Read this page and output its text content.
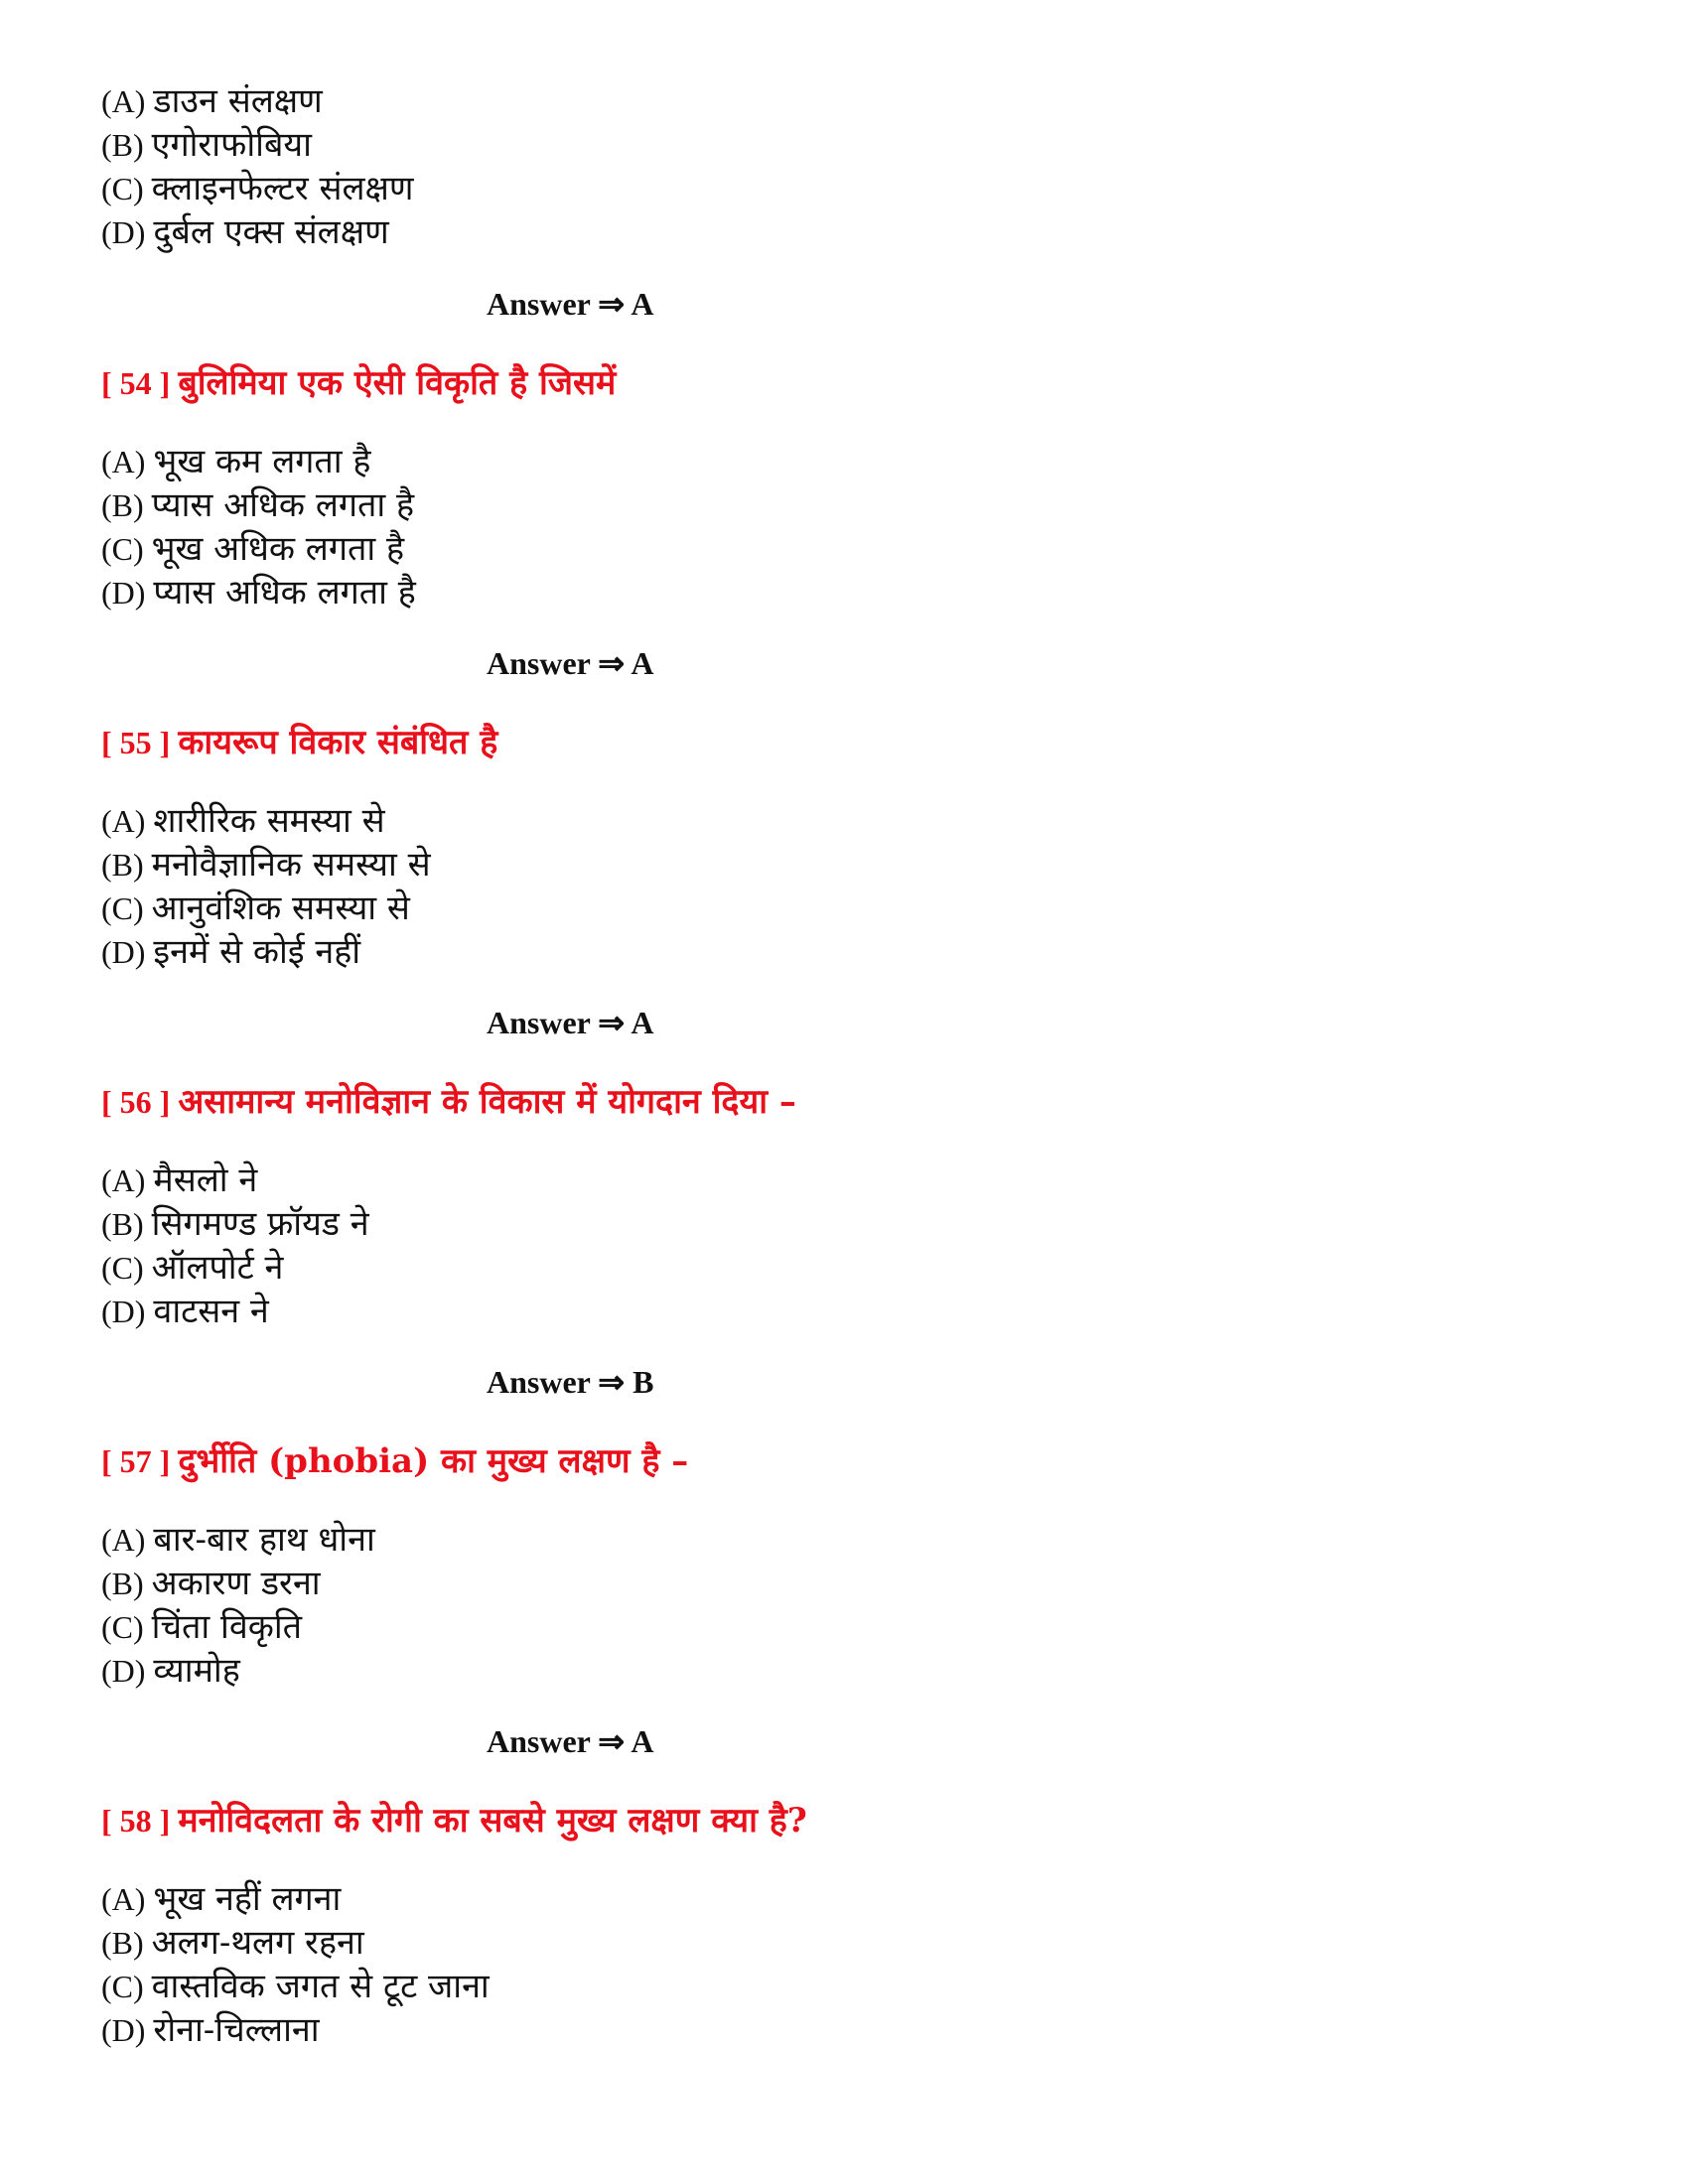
(A) डाउन संलक्षण
(B) एगोराफोबिया
(C) क्लाइनफेल्टर संलक्षण
(D) दुर्बल एक्स संलक्षण
Answer ⇒ A
[ 54 ] बुलिमिया एक ऐसी विकृति है जिसमें
(A) भूख कम लगता है
(B) प्यास अधिक लगता है
(C) भूख अधिक लगता है
(D) प्यास अधिक लगता है
Answer ⇒ A
[ 55 ] कायरूप विकार संबंधित है
(A) शारीरिक समस्या से
(B) मनोवैज्ञानिक समस्या से
(C) आनुवंशिक समस्या से
(D) इनमें से कोई नहीं
Answer ⇒ A
[ 56 ] असामान्य मनोविज्ञान के विकास में योगदान दिया –
(A) मैसलो ने
(B) सिगमण्ड फ्रॉयड ने
(C) ऑलपोर्ट ने
(D) वाटसन ने
Answer ⇒ B
[ 57 ] दुर्भीति (phobia) का मुख्य लक्षण है –
(A) बार-बार हाथ धोना
(B) अकारण डरना
(C) चिंता विकृति
(D) व्यामोह
Answer ⇒ A
[ 58 ] मनोविदलता के रोगी का सबसे मुख्य लक्षण क्या है?
(A) भूख नहीं लगना
(B) अलग-थलग रहना
(C) वास्तविक जगत से टूट जाना
(D) रोना-चिल्लाना
